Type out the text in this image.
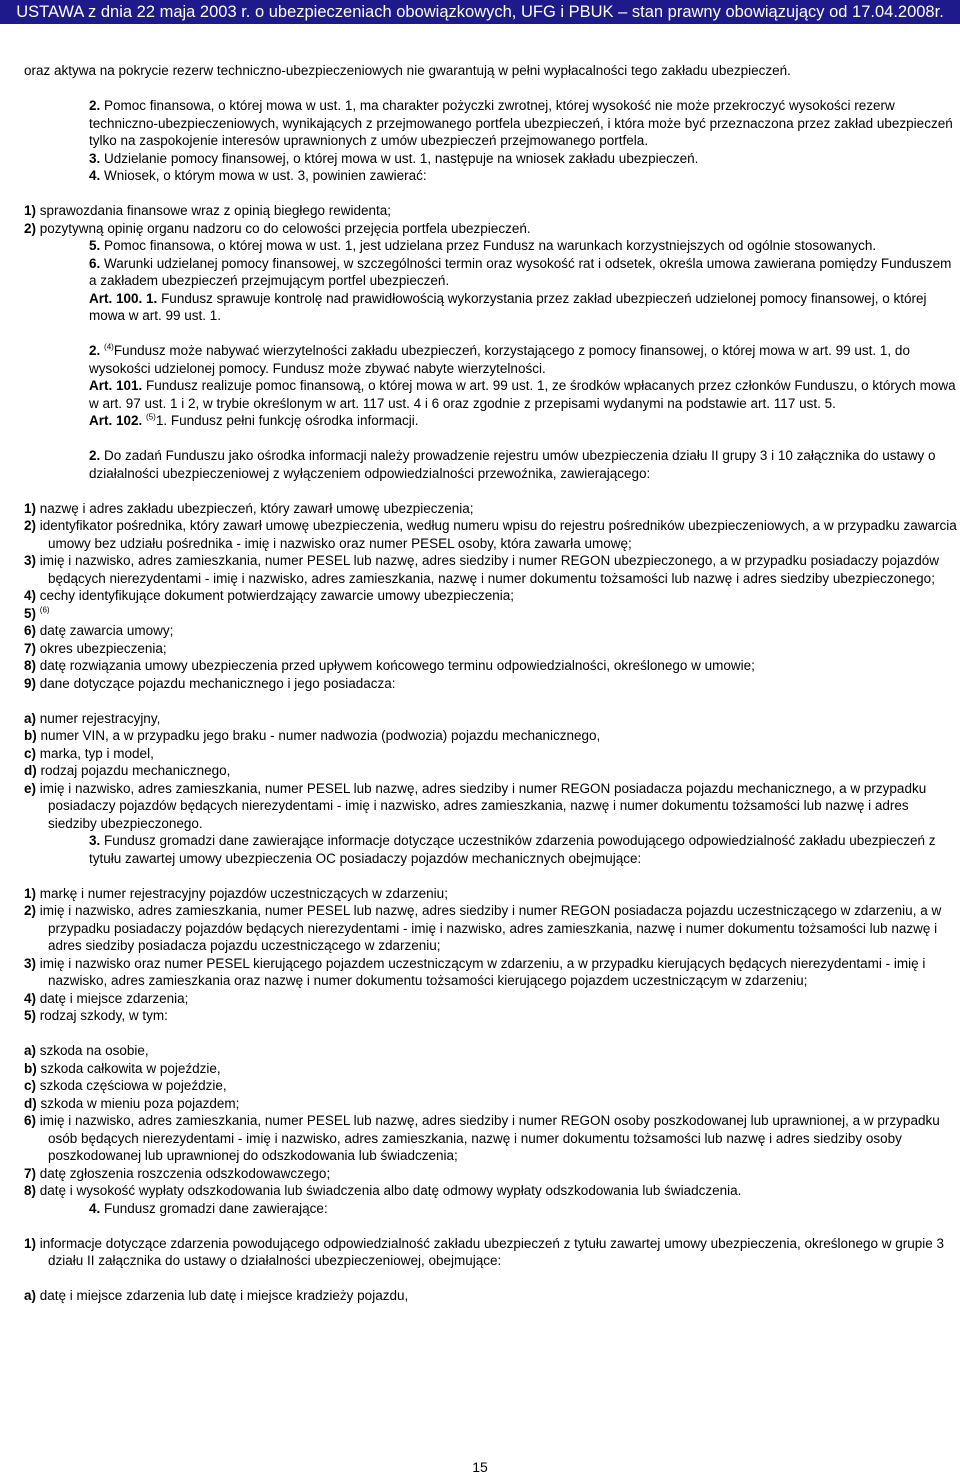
USTAWA z dnia 22 maja 2003 r. o ubezpieczeniach obowiązkowych, UFG i PBUK – stan prawny obowiązujący od 17.04.2008r.

oraz aktywa na pokrycie rezerw techniczno-ubezpieczeniowych nie gwarantują w pełni wypłacalności tego zakładu ubezpieczeń.

2. Pomoc finansowa, o której mowa w ust. 1, ma charakter pożyczki zwrotnej, której wysokość nie może przekroczyć wysokości rezerw techniczno-ubezpieczeniowych, wynikających z przejmowanego portfela ubezpieczeń, i która może być przeznaczona przez zakład ubezpieczeń tylko na zaspokojenie interesów uprawnionych z umów ubezpieczeń przejmowanego portfela.

3. Udzielanie pomocy finansowej, o której mowa w ust. 1, następuje na wniosek zakładu ubezpieczeń.

4. Wniosek, o którym mowa w ust. 3, powinien zawierać:

1) sprawozdania finansowe wraz z opinią biegłego rewidenta;

2) pozytywną opinię organu nadzoru co do celowości przejęcia portfela ubezpieczeń.

5. Pomoc finansowa, o której mowa w ust. 1, jest udzielana przez Fundusz na warunkach korzystniejszych od ogólnie stosowanych.

6. Warunki udzielanej pomocy finansowej, w szczególności termin oraz wysokość rat i odsetek, określa umowa zawierana pomiędzy Funduszem a zakładem ubezpieczeń przejmującym portfel ubezpieczeń.

Art. 100. 1. Fundusz sprawuje kontrolę nad prawidłowością wykorzystania przez zakład ubezpieczeń udzielonej pomocy finansowej, o której mowa w art. 99 ust. 1.

2. $^{(4)}$Fundusz może nabywać wierzytelności zakładu ubezpieczeń, korzystającego z pomocy finansowej, o której mowa w art. 99 ust. 1, do wysokości udzielonej pomocy. Fundusz może zbywać nabyte wierzytelności.

Art. 101. Fundusz realizuje pomoc finansową, o której mowa w art. 99 ust. 1, ze środków wpłacanych przez członków Funduszu, o których mowa w art. 97 ust. 1 i 2, w trybie określonym w art. 117 ust. 4 i 6 oraz zgodnie z przepisami wydanymi na podstawie art. 117 ust. 5.

Art. 102. $^{(5)}$1. Fundusz pełni funkcję ośrodka informacji.

2. Do zadań Funduszu jako ośrodka informacji należy prowadzenie rejestru umów ubezpieczenia działu II grupy 3 i 10 załącznika do ustawy o działalności ubezpieczeniowej z wyłączeniem odpowiedzialności przewoźnika, zawierającego:

1) nazwę i adres zakładu ubezpieczeń, który zawarł umowę ubezpieczenia;

2) identyfikator pośrednika, który zawarł umowę ubezpieczenia, według numeru wpisu do rejestru pośredników ubezpieczeniowych, a w przypadku zawarcia umowy bez udziału pośrednika - imię i nazwisko oraz numer PESEL osoby, która zawarła umowę;

3) imię i nazwisko, adres zamieszkania, numer PESEL lub nazwę, adres siedziby i numer REGON ubezpieczonego, a w przypadku posiadaczy pojazdów będących nierezydentami - imię i nazwisko, adres zamieszkania, nazwę i numer dokumentu tożsamości lub nazwę i adres siedziby ubezpieczonego;

4) cechy identyfikujące dokument potwierdzający zawarcie umowy ubezpieczenia;

5) $^{(6)}$

6) datę zawarcia umowy;

7) okres ubezpieczenia;

8) datę rozwiązania umowy ubezpieczenia przed upływem końcowego terminu odpowiedzialności, określonego w umowie;

9) dane dotyczące pojazdu mechanicznego i jego posiadacza:

a) numer rejestracyjny,

b) numer VIN, a w przypadku jego braku - numer nadwozia (podwozia) pojazdu mechanicznego,

c) marka, typ i model,

d) rodzaj pojazdu mechanicznego,

e) imię i nazwisko, adres zamieszkania, numer PESEL lub nazwę, adres siedziby i numer REGON posiadacza pojazdu mechanicznego, a w przypadku posiadaczy pojazdów będących nierezydentami - imię i nazwisko, adres zamieszkania, nazwę i numer dokumentu tożsamości lub nazwę i adres siedziby ubezpieczonego.

3. Fundusz gromadzi dane zawierające informacje dotyczące uczestników zdarzenia powodującego odpowiedzialność zakładu ubezpieczeń z tytułu zawartej umowy ubezpieczenia OC posiadaczy pojazdów mechanicznych obejmujące:

1) markę i numer rejestracyjny pojazdów uczestniczących w zdarzeniu;

2) imię i nazwisko, adres zamieszkania, numer PESEL lub nazwę, adres siedziby i numer REGON posiadacza pojazdu uczestniczącego w zdarzeniu, a w przypadku posiadaczy pojazdów będących nierezydentami - imię i nazwisko, adres zamieszkania, nazwę i numer dokumentu tożsamości lub nazwę i adres siedziby posiadacza pojazdu uczestniczącego w zdarzeniu;

3) imię i nazwisko oraz numer PESEL kierującego pojazdem uczestniczącym w zdarzeniu, a w przypadku kierujących będących nierezydentami - imię i nazwisko, adres zamieszkania oraz nazwę i numer dokumentu tożsamości kierującego pojazdem uczestniczącym w zdarzeniu;

4) datę i miejsce zdarzenia;

5) rodzaj szkody, w tym:

a) szkoda na osobie,

b) szkoda całkowita w pojeździe,

c) szkoda częściowa w pojeździe,

d) szkoda w mieniu poza pojazdem;

6) imię i nazwisko, adres zamieszkania, numer PESEL lub nazwę, adres siedziby i numer REGON osoby poszkodowanej lub uprawnionej, a w przypadku osób będących nierezydentami - imię i nazwisko, adres zamieszkania, nazwę i numer dokumentu tożsamości lub nazwę i adres siedziby osoby poszkodowanej lub uprawnionej do odszkodowania lub świadczenia;

7) datę zgłoszenia roszczenia odszkodowawczego;

8) datę i wysokość wypłaty odszkodowania lub świadczenia albo datę odmowy wypłaty odszkodowania lub świadczenia.

4. Fundusz gromadzi dane zawierające:

1) informacje dotyczące zdarzenia powodującego odpowiedzialność zakładu ubezpieczeń z tytułu zawartej umowy ubezpieczenia, określonego w grupie 3 działu II załącznika do ustawy o działalności ubezpieczeniowej, obejmujące:

a) datę i miejsce zdarzenia lub datę i miejsce kradzieży pojazdu,

15
